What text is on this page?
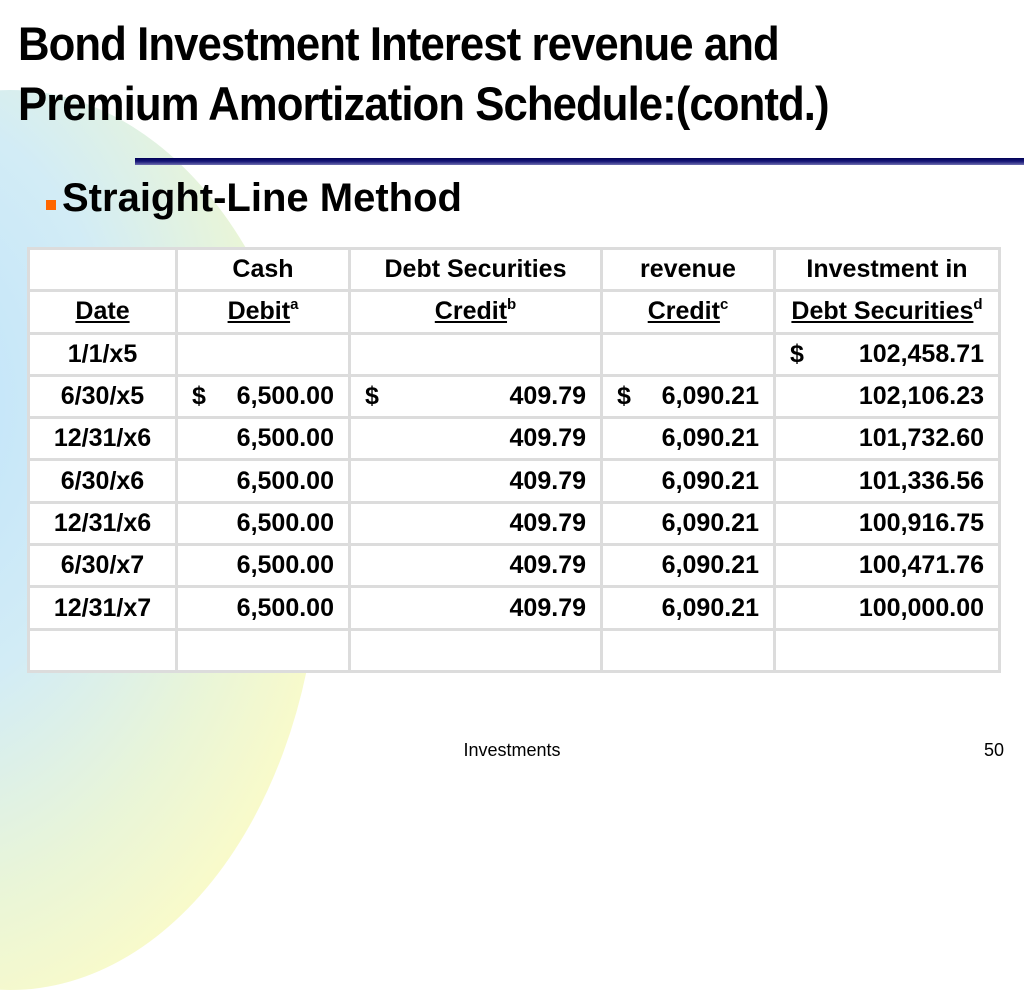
Bond Investment Interest revenue and
Premium Amortization Schedule:(contd.)
Straight-Line Method
	Cash	Debt Securities	revenue	Investment in
Date	Debit$^a$	Credit$^b$	Credit$^c$	Debt Securities$^d$
1/1/x5				$ 102,458.71

6/30/x5	$ 6,500.00	$ 409.79	$ 6,090.21	102,106.23

12/31/x6	6,500.00	409.79	6,090.21	101,732.60

6/30/x6	6,500.00	409.79	6,090.21	101,336.56

12/31/x6	6,500.00	409.79	6,090.21	100,916.75

6/30/x7	6,500.00	409.79	6,090.21	100,471.76

12/31/x7	6,500.00	409.79	6,090.21	100,000.00

Investments	50
